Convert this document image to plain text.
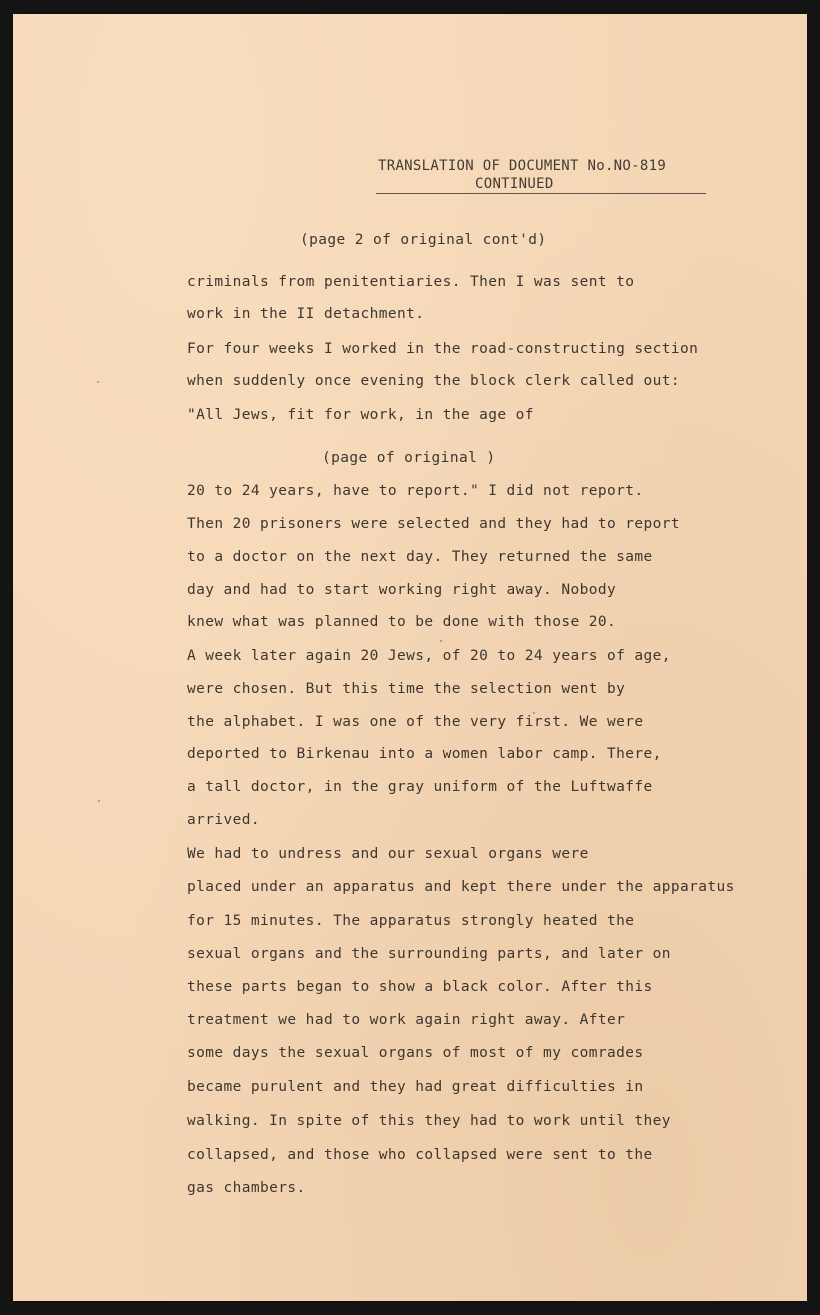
TRANSLATION OF DOCUMENT No.NO-819
CONTINUED
(page 2 of original cont'd)
criminals from penitentiaries. Then I was sent to
work in the II detachment.
For four weeks I worked in the road-constructing section
when suddenly once evening the block clerk called out:
"All Jews, fit for work, in the age of
(page of original )
20 to 24 years, have to report." I did not report.
Then 20 prisoners were selected and they had to report
to a doctor on the next day. They returned the same
day and had to start working right away. Nobody
knew what was planned to be done with those 20.
A week later again 20 Jews, of 20 to 24 years of age,
were chosen. But this time the selection went by
the alphabet. I was one of the very first. We were
deported to Birkenau into a women labor camp. There,
a tall doctor, in the gray uniform of the Luftwaffe
arrived.
We had to undress and our sexual organs were
placed under an apparatus and kept there under the apparatus
for 15 minutes. The apparatus strongly heated the
sexual organs and the surrounding parts, and later on
these parts began to show a black color. After this
treatment we had to work again right away. After
some days the sexual organs of most of my comrades
became purulent and they had great difficulties in
walking. In spite of this they had to work until they
collapsed, and those who collapsed were sent to the
gas chambers.
